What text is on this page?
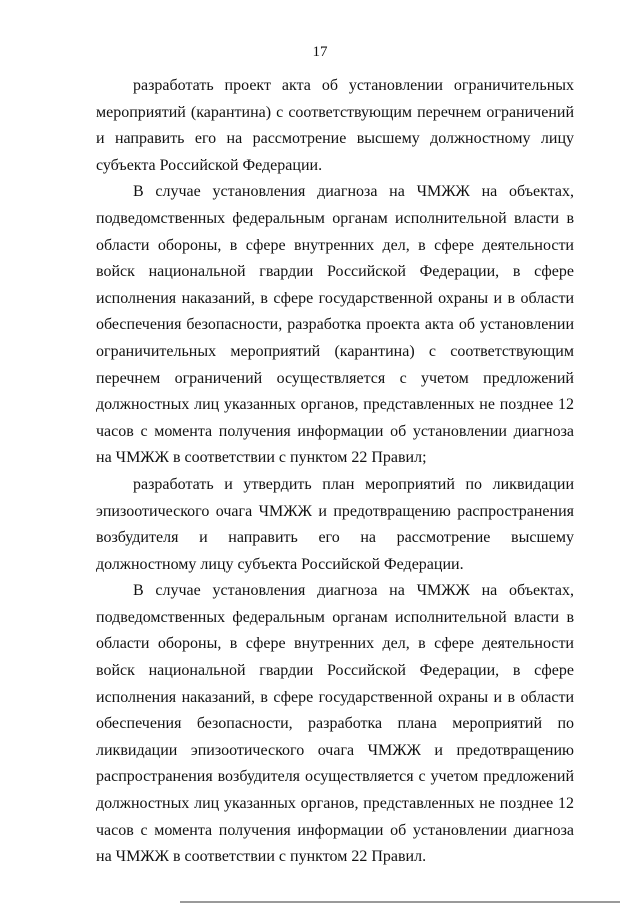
17

разработать проект акта об установлении ограничительных мероприятий (карантина) с соответствующим перечнем ограничений и направить его на рассмотрение высшему должностному лицу субъекта Российской Федерации.

В случае установления диагноза на ЧМЖЖ на объектах, подведомственных федеральным органам исполнительной власти в области обороны, в сфере внутренних дел, в сфере деятельности войск национальной гвардии Российской Федерации, в сфере исполнения наказаний, в сфере государственной охраны и в области обеспечения безопасности, разработка проекта акта об установлении ограничительных мероприятий (карантина) с соответствующим перечнем ограничений осуществляется с учетом предложений должностных лиц указанных органов, представленных не позднее 12 часов с момента получения информации об установлении диагноза на ЧМЖЖ в соответствии с пунктом 22 Правил;

разработать и утвердить план мероприятий по ликвидации эпизоотического очага ЧМЖЖ и предотвращению распространения возбудителя и направить его на рассмотрение высшему должностному лицу субъекта Российской Федерации.

В случае установления диагноза на ЧМЖЖ на объектах, подведомственных федеральным органам исполнительной власти в области обороны, в сфере внутренних дел, в сфере деятельности войск национальной гвардии Российской Федерации, в сфере исполнения наказаний, в сфере государственной охраны и в области обеспечения безопасности, разработка плана мероприятий по ликвидации эпизоотического очага ЧМЖЖ и предотвращению распространения возбудителя осуществляется с учетом предложений должностных лиц указанных органов, представленных не позднее 12 часов с момента получения информации об установлении диагноза на ЧМЖЖ в соответствии с пунктом 22 Правил.
